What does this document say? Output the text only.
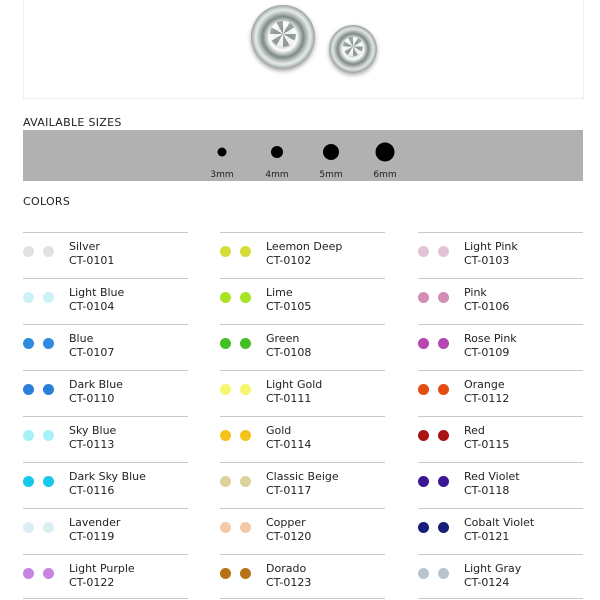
AVAILABLE SIZES
3mm	4mm	5mm	6mm
COLORS
Silver
CT-0101
Leemon Deep
CT-0102
Light Pink
CT-0103
Light Blue
CT-0104
Lime
CT-0105
Pink
CT-0106
Blue
CT-0107
Green
CT-0108
Rose Pink
CT-0109
Dark Blue
CT-0110
Light Gold
CT-0111
Orange
CT-0112
Sky Blue
CT-0113
Gold
CT-0114
Red
CT-0115
Dark Sky Blue
CT-0116
Classic Beige
CT-0117
Red Violet
CT-0118
Lavender
CT-0119
Copper
CT-0120
Cobalt Violet
CT-0121
Light Purple
CT-0122
Dorado
CT-0123
Light Gray
CT-0124
